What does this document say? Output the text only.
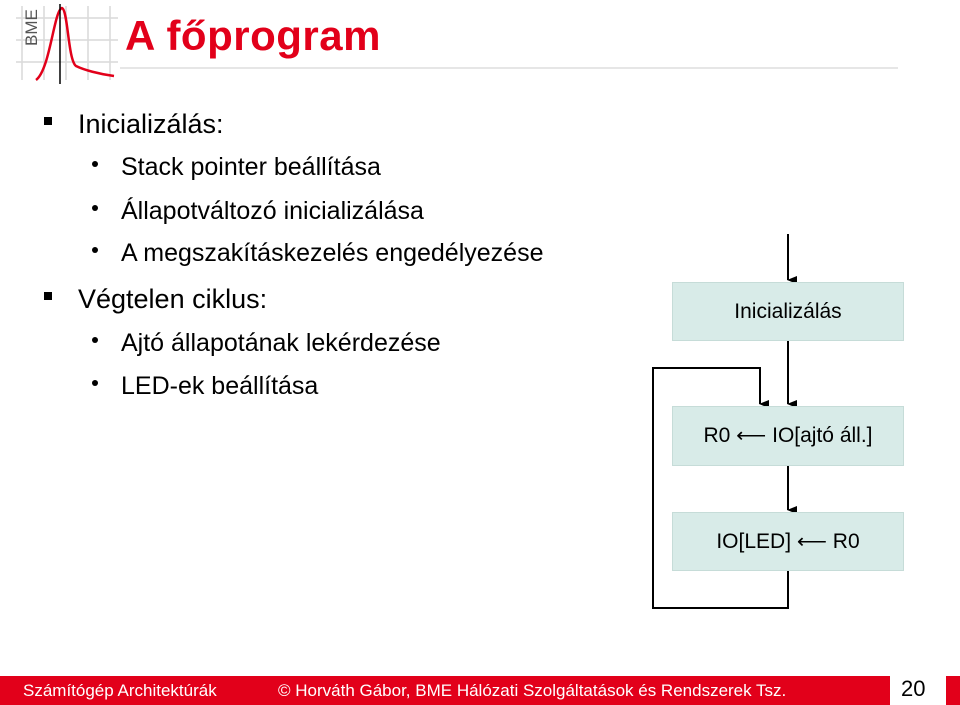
BME A főprogram
Inicializálás:
Stack pointer beállítása
Állapotváltozó inicializálása
A megszakításkezelés engedélyezése
Végtelen ciklus:
Ajtó állapotának lekérdezése
LED-ek beállítása
Inicializálás
R0 ⟵ IO[ajtó áll.]
IO[LED] ⟵ R0
Számítógép Architektúrák	© Horváth Gábor, BME Hálózati Szolgáltatások és Rendszerek Tsz.	20
